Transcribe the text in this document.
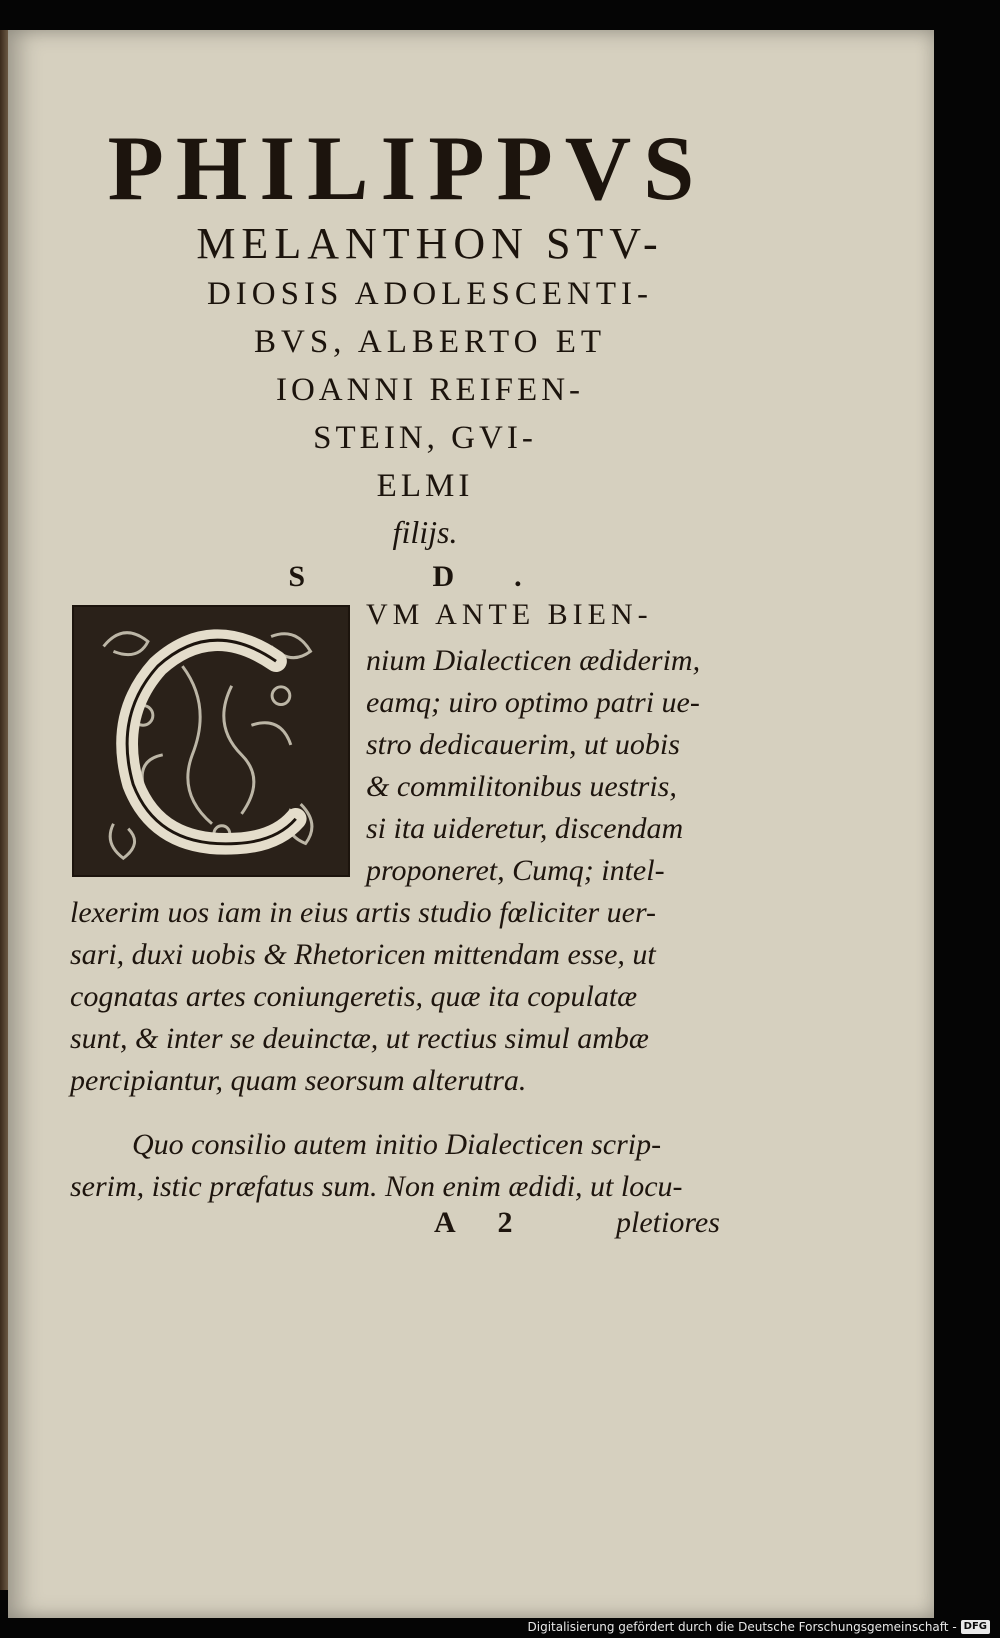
PHILIPPVS
MELANTHON STV-
DIOSIS ADOLESCENTI-
BVS, ALBERTO ET
IOANNI REIFEN-
STEIN, GVI-
ELMI
filijs.
S D.
VM ANTE BIEN-
nium Dialecticen ædiderim,
eamq; uiro optimo patri ue-
stro dedicauerim, ut uobis
& commilitonibus uestris,
si ita uideretur, discendam
proponeret, Cumq; intel-
lexerim uos iam in eius artis studio fœliciter uer-
sari, duxi uobis & Rhetoricen mittendam esse, ut
cognatas artes coniungeretis, quæ ita copulatæ
sunt, & inter se deuinctæ, ut rectius simul ambæ
percipiantur, quam seorsum alterutra.
Quo consilio autem initio Dialecticen scrip-
serim, istic præfatus sum. Non enim ædidi, ut locu-
A 2	pletiores
Digitalisierung gefördert durch die Deutsche Forschungsgemeinschaft - DFG
